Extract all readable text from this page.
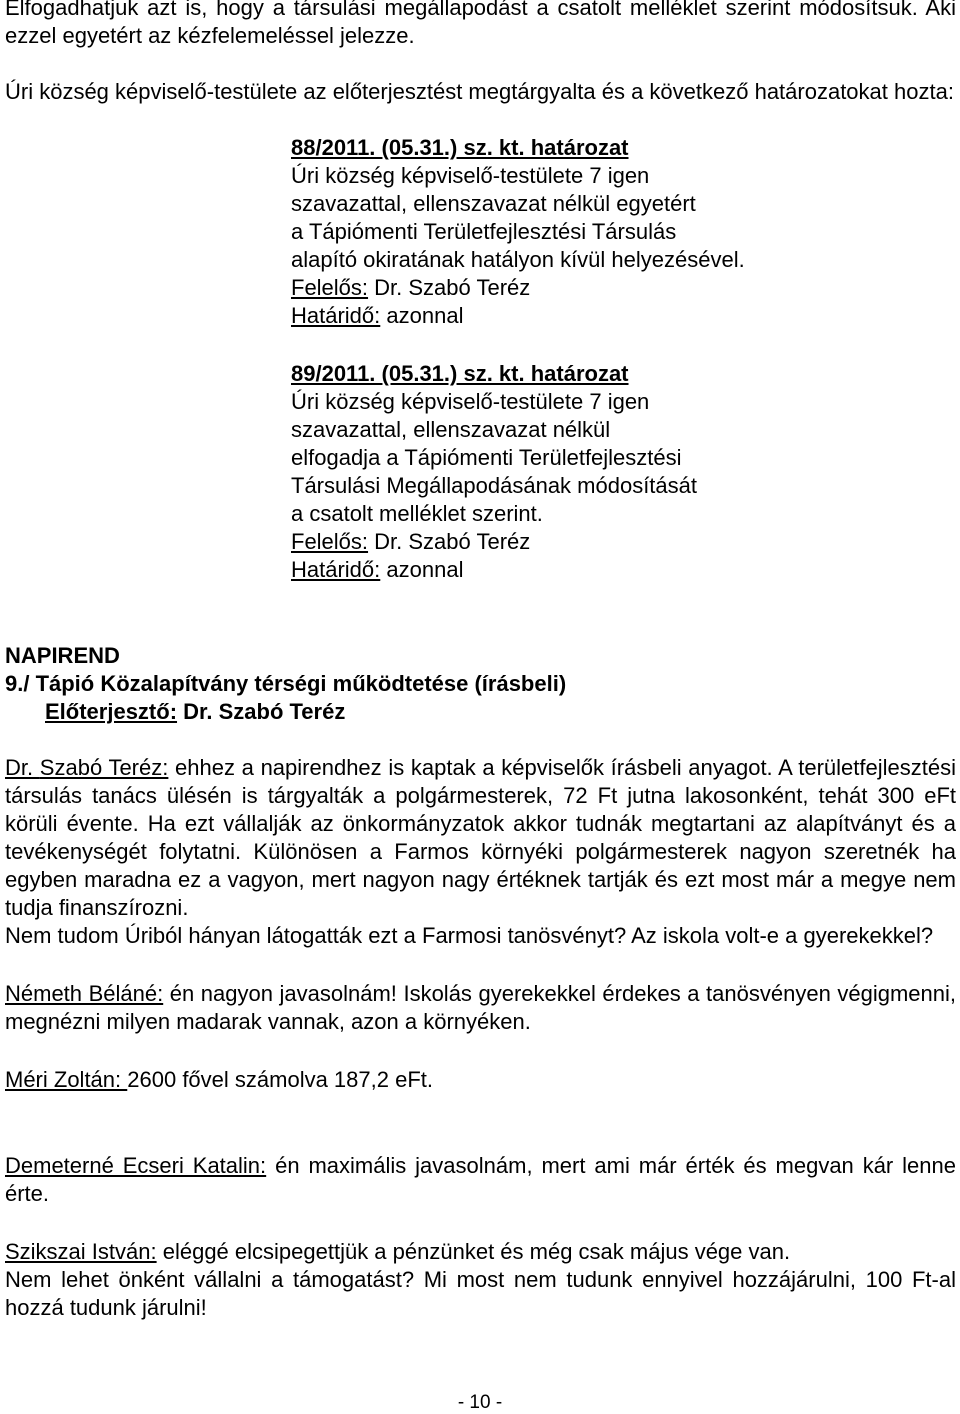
Elfogadhatjuk azt is, hogy a társulási megállapodást a csatolt melléklet szerint módosítsuk. Aki ezzel egyetért az kézfelemeléssel jelezze.

Úri község képviselő-testülete az előterjesztést megtárgyalta és a következő határozatokat hozta:

88/2011. (05.31.) sz. kt. határozat

Úri község képviselő-testülete 7 igen

szavazattal, ellenszavazat nélkül egyetért

a Tápiómenti Területfejlesztési Társulás

alapító okiratának hatályon kívül helyezésével.

Felelős: Dr. Szabó Teréz

Határidő: azonnal

89/2011. (05.31.) sz. kt. határozat

Úri község képviselő-testülete 7 igen

szavazattal, ellenszavazat nélkül

elfogadja a Tápiómenti Területfejlesztési

Társulási Megállapodásának módosítását

a csatolt melléklet szerint.

Felelős: Dr. Szabó Teréz

Határidő: azonnal

NAPIREND

9./ Tápió Közalapítvány térségi működtetése (írásbeli)

Előterjesztő: Dr. Szabó Teréz

Dr. Szabó Teréz: ehhez a napirendhez is kaptak a képviselők írásbeli anyagot. A területfejlesztési társulás tanács ülésén is tárgyalták a polgármesterek, 72 Ft jutna lakosonként, tehát 300 eFt körüli évente. Ha ezt vállalják az önkormányzatok akkor tudnák megtartani az alapítványt és a tevékenységét folytatni. Különösen a Farmos környéki polgármesterek nagyon szeretnék ha egyben maradna ez a vagyon, mert nagyon nagy értéknek tartják és ezt most már a megye nem tudja finanszírozni.

Nem tudom Úriból hányan látogatták ezt a Farmosi tanösvényt? Az iskola volt-e a gyerekekkel?

Németh Béláné: én nagyon javasolnám! Iskolás gyerekekkel érdekes a tanösvényen végigmenni, megnézni milyen madarak vannak, azon a környéken.

Méri Zoltán: 2600 fővel számolva 187,2 eFt.

Demeterné Ecseri Katalin: én maximális javasolnám, mert ami már érték és megvan kár lenne érte.

Szikszai István: eléggé elcsipegettjük a pénzünket és még csak május vége van.

Nem lehet önként vállalni a támogatást? Mi most nem tudunk ennyivel hozzájárulni, 100 Ft-al hozzá tudunk járulni!

- 10 -
